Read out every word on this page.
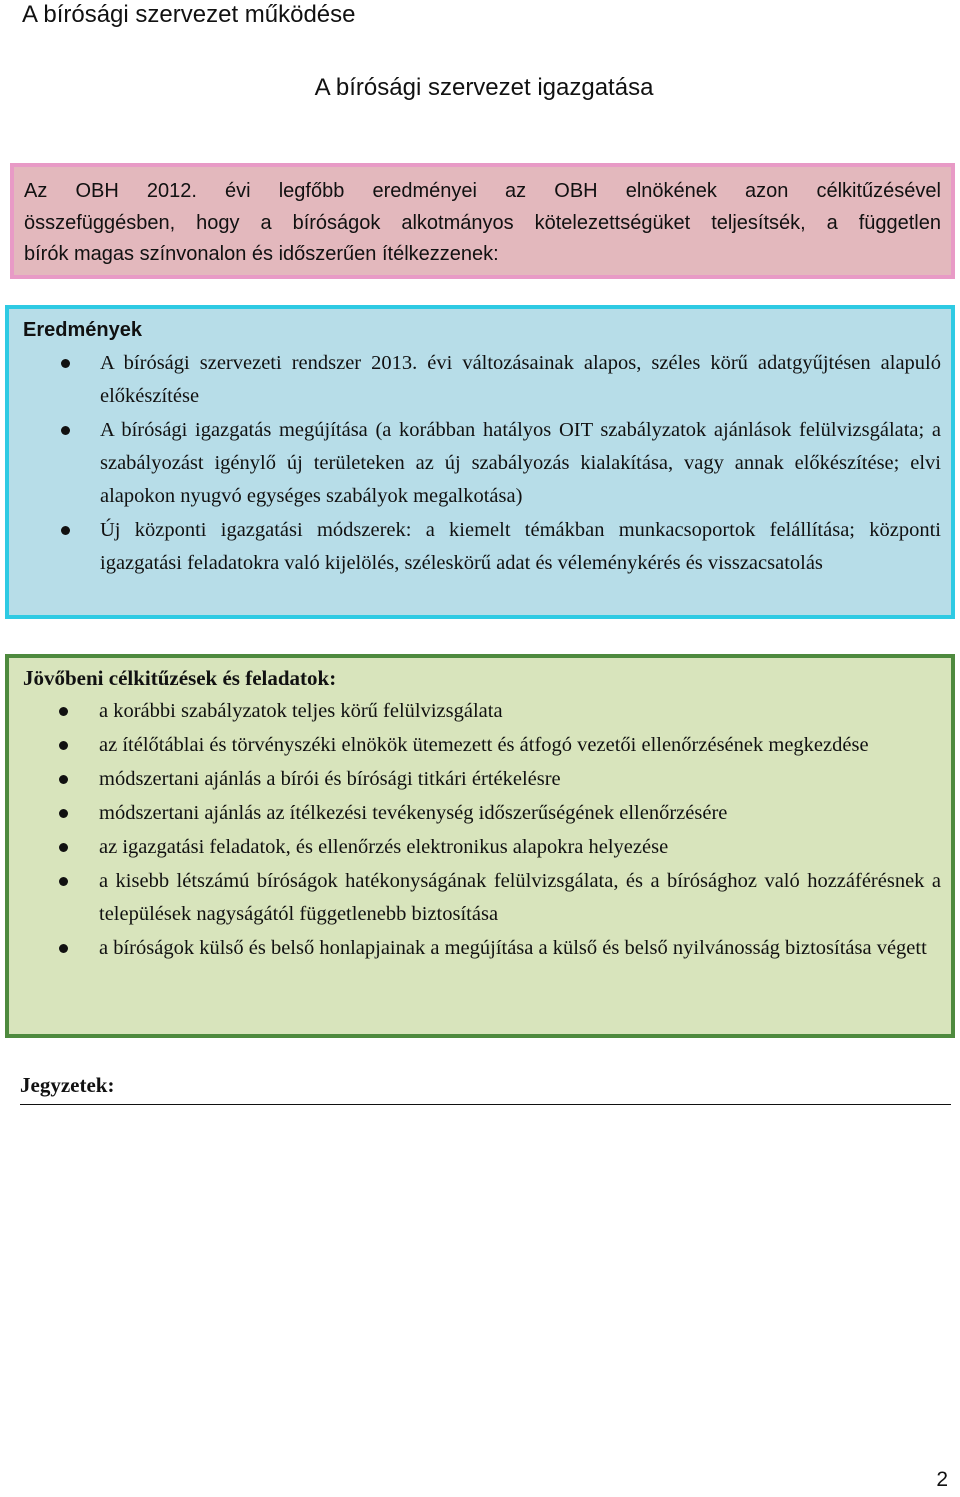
A bírósági szervezet működése
A bírósági szervezet igazgatása
Az OBH 2012. évi legfőbb eredményei az OBH elnökének azon célkitűzésével
összefüggésben, hogy a bíróságok alkotmányos kötelezettségüket teljesítsék, a független
bírók magas színvonalon és időszerűen ítélkezzenek:
Eredmények
A bírósági szervezeti rendszer 2013. évi változásainak alapos, széles körű adatgyűjtésen alapuló előkészítése
A bírósági igazgatás megújítása (a korábban hatályos OIT szabályzatok ajánlások felülvizsgálata; a szabályozást igénylő új területeken az új szabályozás kialakítása, vagy annak előkészítése; elvi alapokon nyugvó egységes szabályok megalkotása)
Új központi igazgatási módszerek: a kiemelt témákban munkacsoportok felállítása; központi igazgatási feladatokra való kijelölés, széleskörű adat és véleménykérés és visszacsatolás
Jövőbeni célkitűzések és feladatok:
a korábbi szabályzatok teljes körű felülvizsgálata
az ítélőtáblai és törvényszéki elnökök ütemezett és átfogó vezetői ellenőrzésének megkezdése
módszertani ajánlás a bírói és bírósági titkári értékelésre
módszertani ajánlás az ítélkezési tevékenység időszerűségének ellenőrzésére
az igazgatási feladatok, és ellenőrzés elektronikus alapokra helyezése
a kisebb létszámú bíróságok hatékonyságának felülvizsgálata, és a bírósághoz való hozzáférésnek a települések nagyságától függetlenebb biztosítása
a bíróságok külső és belső honlapjainak a megújítása a külső és belső nyilvánosság biztosítása végett
Jegyzetek:
2
